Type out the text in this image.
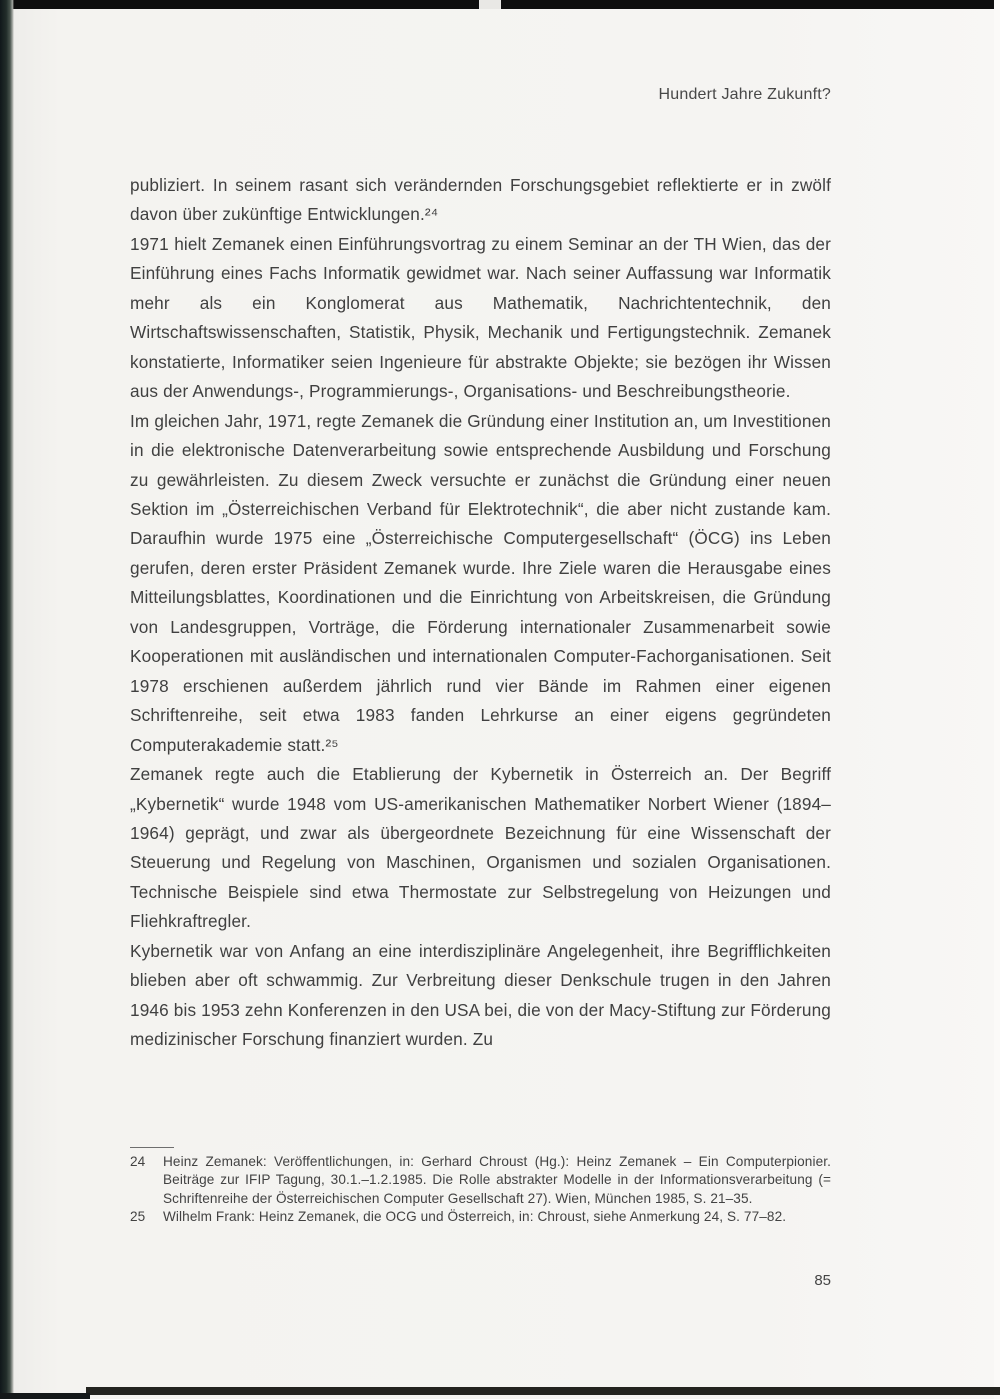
Hundert Jahre Zukunft?

publiziert. In seinem rasant sich verändernden Forschungsgebiet reflektierte er in zwölf davon über zukünftige Entwicklungen.²⁴

1971 hielt Zemanek einen Einführungsvortrag zu einem Seminar an der TH Wien, das der Einführung eines Fachs Informatik gewidmet war. Nach seiner Auffassung war Informatik mehr als ein Konglomerat aus Mathematik, Nachrichtentechnik, den Wirtschaftswissenschaften, Statistik, Physik, Mechanik und Fertigungstechnik. Zemanek konstatierte, Informatiker seien Ingenieure für abstrakte Objekte; sie bezögen ihr Wissen aus der Anwendungs-, Programmierungs-, Organisations- und Beschreibungstheorie.

Im gleichen Jahr, 1971, regte Zemanek die Gründung einer Institution an, um Investitionen in die elektronische Datenverarbeitung sowie entsprechende Ausbildung und Forschung zu gewährleisten. Zu diesem Zweck versuchte er zunächst die Gründung einer neuen Sektion im „Österreichischen Verband für Elektrotechnik“, die aber nicht zustande kam. Daraufhin wurde 1975 eine „Österreichische Computergesellschaft“ (ÖCG) ins Leben gerufen, deren erster Präsident Zemanek wurde. Ihre Ziele waren die Herausgabe eines Mitteilungsblattes, Koordinationen und die Einrichtung von Arbeitskreisen, die Gründung von Landesgruppen, Vorträge, die Förderung internationaler Zusammenarbeit sowie Kooperationen mit ausländischen und internationalen Computer-Fachorganisationen. Seit 1978 erschienen außerdem jährlich rund vier Bände im Rahmen einer eigenen Schriftenreihe, seit etwa 1983 fanden Lehrkurse an einer eigens gegründeten Computerakademie statt.²⁵

Zemanek regte auch die Etablierung der Kybernetik in Österreich an. Der Begriff „Kybernetik“ wurde 1948 vom US-amerikanischen Mathematiker Norbert Wiener (1894–1964) geprägt, und zwar als übergeordnete Bezeichnung für eine Wissenschaft der Steuerung und Regelung von Maschinen, Organismen und sozialen Organisationen. Technische Beispiele sind etwa Thermostate zur Selbstregelung von Heizungen und Fliehkraftregler.

Kybernetik war von Anfang an eine interdisziplinäre Angelegenheit, ihre Begrifflichkeiten blieben aber oft schwammig. Zur Verbreitung dieser Denkschule trugen in den Jahren 1946 bis 1953 zehn Konferenzen in den USA bei, die von der Macy-Stiftung zur Förderung medizinischer Forschung finanziert wurden. Zu

24	Heinz Zemanek: Veröffentlichungen, in: Gerhard Chroust (Hg.): Heinz Zemanek – Ein Computerpionier. Beiträge zur IFIP Tagung, 30.1.–1.2.1985. Die Rolle abstrakter Modelle in der Informationsverarbeitung (= Schriftenreihe der Österreichischen Computer Gesellschaft 27). Wien, München 1985, S. 21–35.
25	Wilhelm Frank: Heinz Zemanek, die OCG und Österreich, in: Chroust, siehe Anmerkung 24, S. 77–82.
85
